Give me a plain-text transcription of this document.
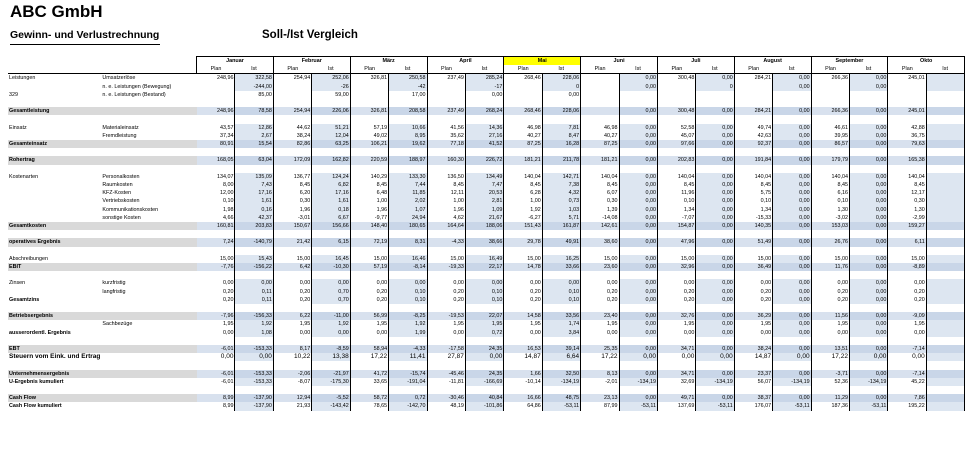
ABC GmbH
Gewinn- und Verlustrechnung	Soll-/Ist Vergleich
		Januar		Februar		März		April		Mai		Juni		Juli		August		September		Okto	
		Plan	Ist	Plan	Ist	Plan	Ist	Plan	Ist	Plan	Ist	Plan	Ist	Plan	Ist	Plan	Ist	Plan	Ist	Plan	Ist
Leistungen	Umsatzerlöse	248,96	322,58	254,94	252,06	326,81	250,58	237,49	285,24	268,46	228,06		0,00	300,48	0,00	284,21	0,00	266,36	0,00	245,01	
	n. e. Leistungen (Bewegung)		-244,00		-26		-42		-17		0		0,00		0		0,00		0,00		
329	n. e. Leistungen (Bestand)		85,00		59,00		17,00		0,00		0,00										

Gesamtleistung		248,96	78,58	254,94	226,06	326,81	208,58	237,49	268,24	268,46	228,06		0,00	300,48	0,00	284,21	0,00	266,36	0,00	245,01	

Einsatz	Materialeinsatz	43,57	12,86	44,62	51,21	57,19	10,66	41,56	14,36	46,98	7,81	46,98	0,00	52,58	0,00	49,74	0,00	46,61	0,00	42,88	
	Fremdleistung	37,34	2,67	38,24	12,04	49,02	8,95	35,62	27,16	40,27	8,47	40,27	0,00	45,07	0,00	42,63	0,00	39,95	0,00	36,75	
Gesamteinsatz		80,91	15,54	82,86	63,25	106,21	19,62	77,18	41,52	87,25	16,28	87,25	0,00	97,66	0,00	92,37	0,00	86,57	0,00	79,63	

Rohertrag		168,05	63,04	172,09	162,82	220,59	188,97	160,30	226,72	181,21	211,78	181,21	0,00	202,83	0,00	191,84	0,00	179,79	0,00	165,38	

Kostenarten	Personalkosten	134,07	135,09	136,77	124,24	140,29	133,30	136,50	134,49	140,04	142,71	140,04	0,00	140,04	0,00	140,04	0,00	140,04	0,00	140,04	
	Raumkosten	8,00	7,43	8,45	6,82	8,45	7,44	8,45	7,47	8,45	7,38	8,45	0,00	8,45	0,00	8,45	0,00	8,45	0,00	8,45	
	KFZ-Kosten	12,00	17,16	6,20	17,16	6,48	11,85	12,11	20,53	6,28	4,32	6,07	0,00	11,96	0,00	5,75	0,00	6,16	0,00	12,17	
	Vertriebskosten	0,10	1,61	0,30	1,61	1,00	2,02	1,00	2,81	1,00	0,73	0,30	0,00	0,10	0,00	0,10	0,00	0,10	0,00	0,30	
	Kommunikationskosten	1,98	0,16	1,96	0,18	1,96	1,07	1,96	1,09	1,92	1,03	1,39	0,00	1,34	0,00	1,34	0,00	1,30	0,00	1,30	
	sonstige Kosten	4,66	42,37	-3,01	6,67	-9,77	24,94	4,62	21,67	-6,27	5,71	-14,08	0,00	-7,07	0,00	-15,33	0,00	-3,02	0,00	-2,99	
Gesamtkosten		160,81	203,83	150,67	156,66	148,40	180,65	164,64	188,06	151,43	161,87	142,61	0,00	154,87	0,00	140,35	0,00	153,03	0,00	159,27	

operatives Ergebnis		7,24	-140,79	21,42	6,15	72,19	8,31	-4,33	38,66	29,78	49,91	38,60	0,00	47,96	0,00	51,49	0,00	26,76	0,00	6,11	

Abschreibungen		15,00	15,43	15,00	16,45	15,00	16,46	15,00	16,49	15,00	16,25	15,00	0,00	15,00	0,00	15,00	0,00	15,00	0,00	15,00	
EBIT		-7,76	-156,22	6,42	-10,30	57,19	-8,14	-19,33	22,17	14,78	33,66	23,60	0,00	32,96	0,00	36,49	0,00	11,76	0,00	-8,89	

Zinsen	kurzfristig	0,00	0,00	0,00	0,00	0,00	0,00	0,00	0,00	0,00	0,00	0,00	0,00	0,00	0,00	0,00	0,00	0,00	0,00	0,00	
	langfristig	0,20	0,11	0,20	0,70	0,20	0,10	0,20	0,10	0,20	0,10	0,20	0,00	0,20	0,00	0,20	0,00	0,20	0,00	0,20	
Gesamtzins		0,20	0,11	0,20	0,70	0,20	0,10	0,20	0,10	0,20	0,10	0,20	0,00	0,20	0,00	0,20	0,00	0,20	0,00	0,20	

Betriebsergebnis		-7,96	-156,33	6,22	-11,00	56,99	-8,25	-19,53	22,07	14,58	33,56	23,40	0,00	32,76	0,00	36,29	0,00	11,56	0,00	-9,09	
	Sachbezüge	1,95	1,92	1,95	1,92	1,95	1,92	1,95	1,95	1,95	1,74	1,95	0,00	1,95	0,00	1,95	0,00	1,95	0,00	1,95	
ausserordentl. Ergebnis		0,00	1,08	0,00	0,00	0,00	1,99	0,00	0,72	0,00	3,84	0,00	0,00	0,00	0,00	0,00	0,00	0,00	0,00	0,00	

EBT		-6,01	-153,33	8,17	-8,59	58,94	-4,33	-17,58	24,35	16,53	39,14	25,35	0,00	34,71	0,00	38,24	0,00	13,51	0,00	-7,14	
Steuern vom Eink. und Ertrag		0,00	0,00	10,22	13,38	17,22	11,41	27,87	0,00	14,87	6,64	17,22	0,00	0,00	0,00	14,87	0,00	17,22	0,00	0,00	

Unternehmensergebnis		-6,01	-153,33	-2,06	-21,97	41,72	-15,74	-45,46	24,35	1,66	32,50	8,13	0,00	34,71	0,00	23,37	0,00	-3,71	0,00	-7,14	
U-Ergebnis kumuliert		-6,01	-153,33	-8,07	-175,30	33,65	-191,04	-11,81	-166,69	-10,14	-134,19	-2,01	-134,19	32,69	-134,19	56,07	-134,19	52,36	-134,19	45,22	

Cash Flow		8,99	-137,90	12,94	-5,52	58,72	0,72	-30,46	40,84	16,66	48,75	23,13	0,00	49,71	0,00	38,37	0,00	11,29	0,00	7,86	
Cash Flow kumuliert		8,99	-137,90	21,93	-143,42	78,65	-142,70	48,19	-101,86	64,86	-53,11	87,99	-53,11	137,69	-53,11	176,07	-53,11	187,36	-53,11	195,22	
